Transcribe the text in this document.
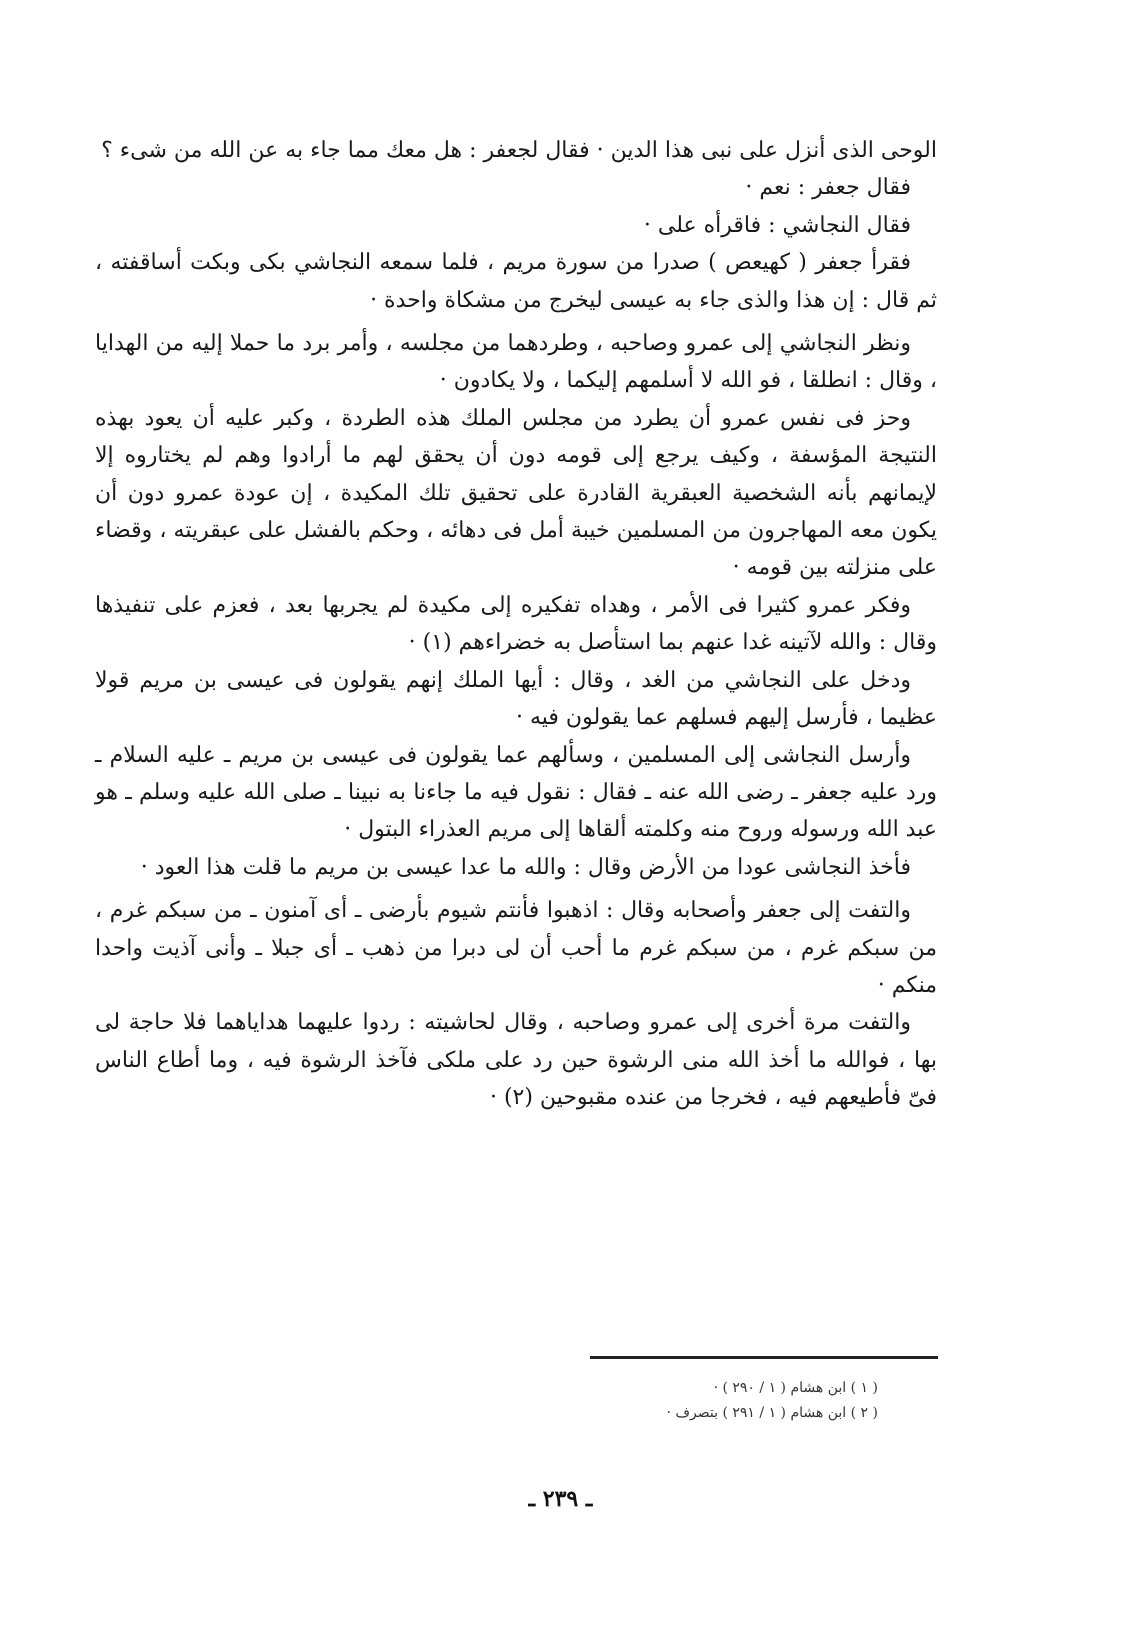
الوحى الذى أنزل على نبى هذا الدين · فقال لجعفر : هل معك مما جاء به عن الله من شىء ؟

فقال جعفر : نعم ·

فقال النجاشي : فاقرأه على ·

فقرأ جعفر ( كهيعص ) صدرا من سورة مريم ، فلما سمعه النجاشي بكى وبكت أساقفته ، ثم قال : إن هذا والذى جاء به عيسى ليخرج من مشكاة واحدة ·

ونظر النجاشي إلى عمرو وصاحبه ، وطردهما من مجلسه ، وأمر برد ما حملا إليه من الهدايا ، وقال : انطلقا ، فو الله لا أسلمهم إليكما ، ولا يكادون ·

وحز فى نفس عمرو أن يطرد من مجلس الملك هذه الطردة ، وكبر عليه أن يعود بهذه النتيجة المؤسفة ، وكيف يرجع إلى قومه دون أن يحقق لهم ما أرادوا وهم لم يختاروه إلا لإيمانهم بأنه الشخصية العبقرية القادرة على تحقيق تلك المكيدة ، إن عودة عمرو دون أن يكون معه المهاجرون من المسلمين خيبة أمل فى دهائه ، وحكم بالفشل على عبقريته ، وقضاء على منزلته بين قومه ·

وفكر عمرو كثيرا فى الأمر ، وهداه تفكيره إلى مكيدة لم يجربها بعد ، فعزم على تنفيذها وقال : والله لآتينه غدا عنهم بما استأصل به خضراءهم (١) ·

ودخل على النجاشي من الغد ، وقال : أيها الملك إنهم يقولون فى عيسى بن مريم قولا عظيما ، فأرسل إليهم فسلهم عما يقولون فيه ·

وأرسل النجاشى إلى المسلمين ، وسألهم عما يقولون فى عيسى بن مريم ـ عليه السلام ـ ورد عليه جعفر ـ رضى الله عنه ـ فقال : نقول فيه ما جاءنا به نبينا ـ صلى الله عليه وسلم ـ هو عبد الله ورسوله وروح منه وكلمته ألقاها إلى مريم العذراء البتول ·

فأخذ النجاشى عودا من الأرض وقال : والله ما عدا عيسى بن مريم ما قلت هذا العود ·

والتفت إلى جعفر وأصحابه وقال : اذهبوا فأنتم شيوم بأرضى ـ أى آمنون ـ من سبكم غرم ، من سبكم غرم ، من سبكم غرم ما أحب أن لى دبرا من ذهب ـ أى جبلا ـ وأنى آذيت واحدا منكم ·

والتفت مرة أخرى إلى عمرو وصاحبه ، وقال لحاشيته : ردوا عليهما هداياهما فلا حاجة لى بها ، فوالله ما أخذ الله منى الرشوة حين رد على ملكى فآخذ الرشوة فيه ، وما أطاع الناس فىّ فأطيعهم فيه ، فخرجا من عنده مقبوحين (٢) ·

( ١ ) ابن هشام ( ١ / ٢٩٠ ) ·

( ٢ ) ابن هشام ( ١ / ٢٩١ ) بتصرف ·

ـ ٢٣٩ ـ
